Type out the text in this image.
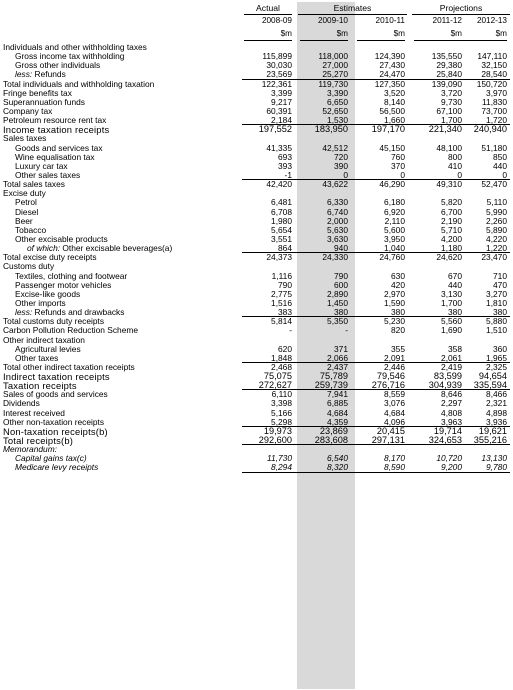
Actual	Estimates	Projections
2008-09	2009-10	2010-11	2011-12	2012-13
$m	$m	$m	$m	$m
Individuals and other withholding taxes
Gross income tax withholding	115,899	118,000	124,390	135,550	147,110
Gross other individuals	30,030	27,000	27,430	29,380	32,150
less: Refunds	23,569	25,270	24,470	25,840	28,540
Total individuals and withholding taxation	122,361	119,730	127,350	139,090	150,720
Fringe benefits tax	3,399	3,390	3,520	3,720	3,970
Superannuation funds	9,217	6,650	8,140	9,730	11,830
Company tax	60,391	52,650	56,500	67,100	73,700
Petroleum resource rent tax	2,184	1,530	1,660	1,700	1,720
Income taxation receipts	197,552	183,950	197,170	221,340	240,940
Sales taxes
Goods and services tax	41,335	42,512	45,150	48,100	51,180
Wine equalisation tax	693	720	760	800	850
Luxury car tax	393	390	370	410	440
Other sales taxes	-1	0	0	0	0
Total sales taxes	42,420	43,622	46,290	49,310	52,470
Excise duty
Petrol	6,481	6,330	6,180	5,820	5,110
Diesel	6,708	6,740	6,920	6,700	5,990
Beer	1,980	2,000	2,110	2,190	2,260
Tobacco	5,654	5,630	5,600	5,710	5,890
Other excisable products	3,551	3,630	3,950	4,200	4,220
of which: Other excisable beverages(a)	864	940	1,040	1,180	1,220
Total excise duty receipts	24,373	24,330	24,760	24,620	23,470
Customs duty
Textiles, clothing and footwear	1,116	790	630	670	710
Passenger motor vehicles	790	600	420	440	470
Excise-like goods	2,775	2,890	2,970	3,130	3,270
Other imports	1,516	1,450	1,590	1,700	1,810
less: Refunds and drawbacks	383	380	380	380	380
Total customs duty receipts	5,814	5,350	5,230	5,560	5,880
Carbon Pollution Reduction Scheme	-	-	820	1,690	1,510
Other indirect taxation
Agricultural levies	620	371	355	358	360
Other taxes	1,848	2,066	2,091	2,061	1,965
Total other indirect taxation receipts	2,468	2,437	2,446	2,419	2,325
Indirect taxation receipts	75,075	75,789	79,546	83,599	94,654
Taxation receipts	272,627	259,739	276,716	304,939	335,594
Sales of goods and services	6,110	7,941	8,559	8,646	8,466
Dividends	3,398	6,885	3,076	2,297	2,321
Interest received	5,166	4,684	4,684	4,808	4,898
Other non-taxation receipts	5,298	4,359	4,096	3,963	3,936
Non-taxation receipts(b)	19,973	23,869	20,415	19,714	19,621
Total receipts(b)	292,600	283,608	297,131	324,653	355,216
Memorandum:
Capital gains tax(c)	11,730	6,540	8,170	10,720	13,130
Medicare levy receipts	8,294	8,320	8,590	9,200	9,780
